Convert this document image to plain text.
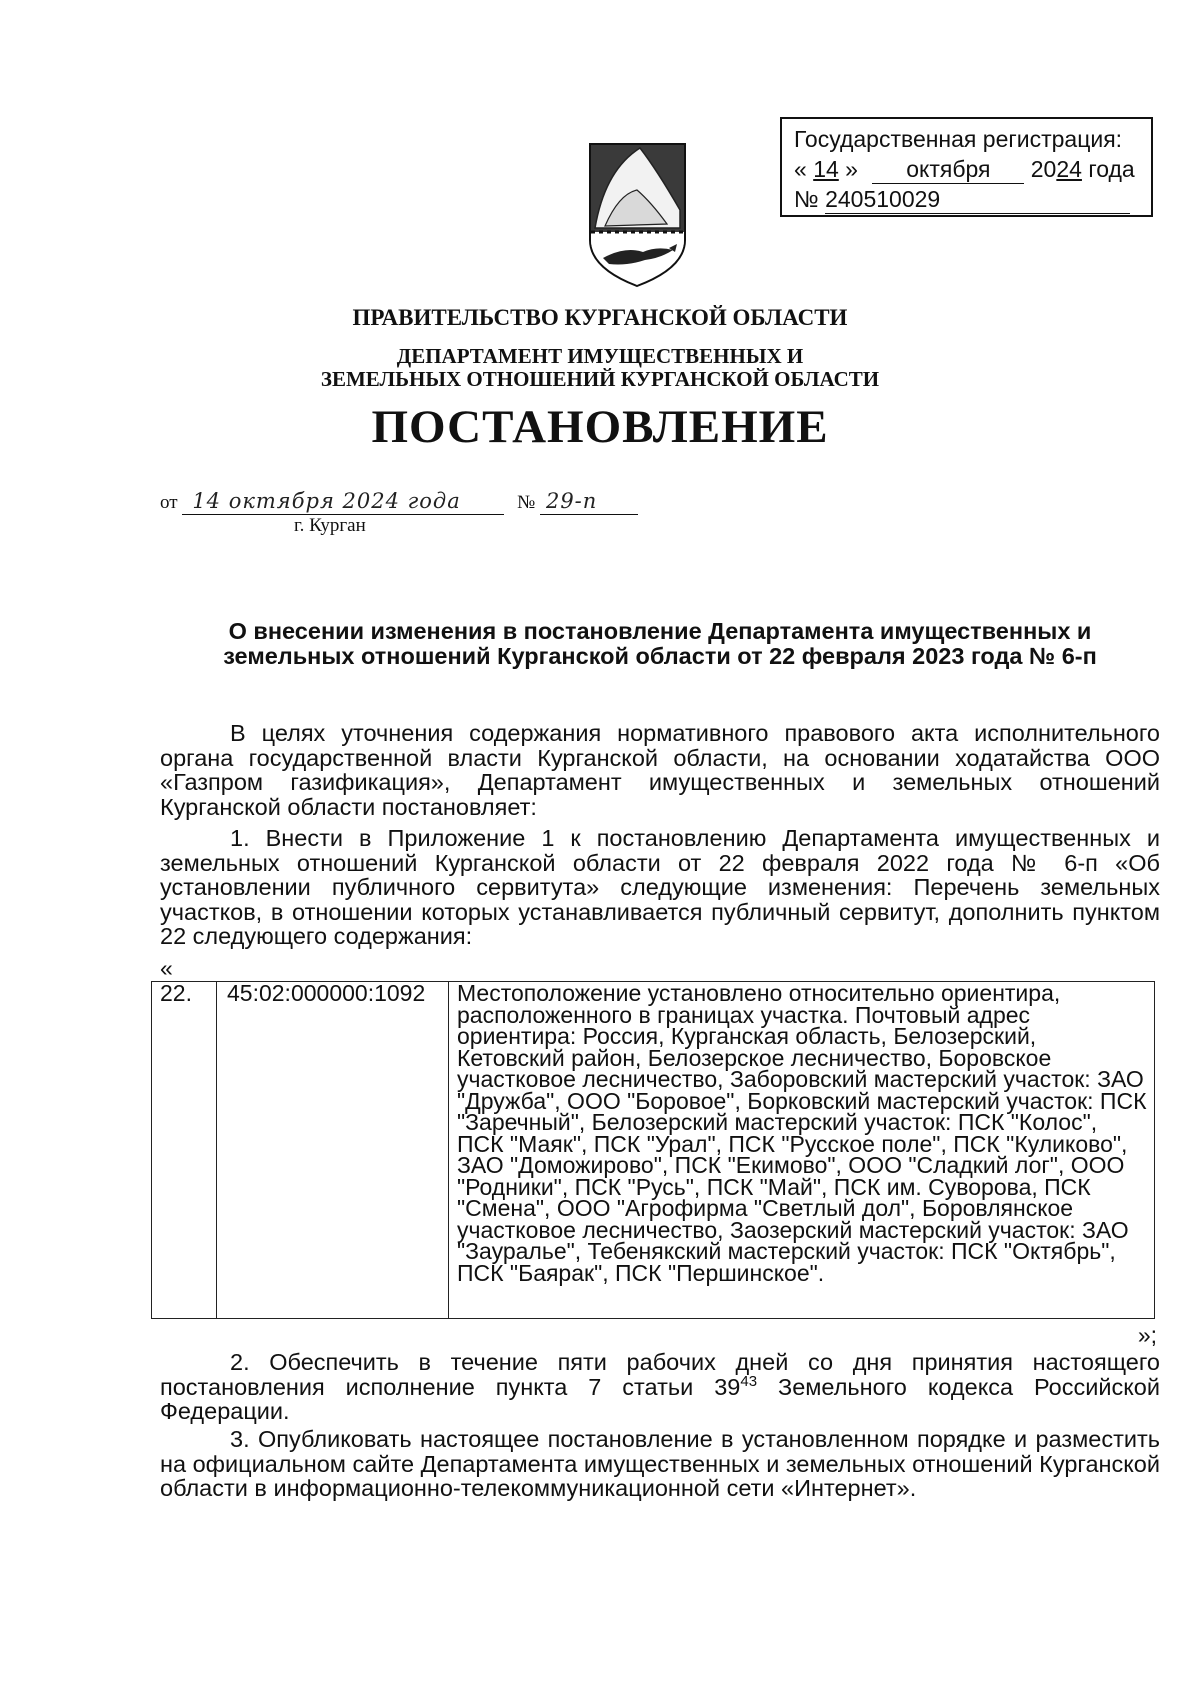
Государственная регистрация:
« 14 » октября 2024 года
№ 240510029
ПРАВИТЕЛЬСТВО КУРГАНСКОЙ ОБЛАСТИ
ДЕПАРТАМЕНТ ИМУЩЕСТВЕННЫХ И
ЗЕМЕЛЬНЫХ ОТНОШЕНИЙ КУРГАНСКОЙ ОБЛАСТИ
ПОСТАНОВЛЕНИЕ
от 14 октября 2024 года	№ 29-п
г. Курган
О внесении изменения в постановление Департамента имущественных и
земельных отношений Курганской области от 22 февраля 2023 года № 6-п
В целях уточнения содержания нормативного правового акта исполнительного органа государственной власти Курганской области, на основании ходатайства ООО «Газпром газификация», Департамент имущественных и земельных отношений Курганской области постановляет:
1. Внести в Приложение 1 к постановлению Департамента имущественных и земельных отношений Курганской области от 22 февраля 2022 года № 6-п «Об установлении публичного сервитута» следующие изменения: Перечень земельных участков, в отношении которых устанавливается публичный сервитут, дополнить пунктом 22 следующего содержания:
«
22.	45:02:000000:1092	Местоположение установлено относительно ориентира, расположенного в границах участка. Почтовый адрес ориентира: Россия, Курганская область, Белозерский, Кетовский район, Белозерское лесничество, Боровское участковое лесничество, Заборовский мастерский участок: ЗАО "Дружба", ООО "Боровое", Борковский мастерский участок: ПСК "Заречный", Белозерский мастерский участок: ПСК "Колос", ПСК "Маяк", ПСК "Урал", ПСК "Русское поле", ПСК "Куликово", ЗАО "Доможирово", ПСК "Екимово", ООО "Сладкий лог", ООО "Родники", ПСК "Русь", ПСК "Май", ПСК им. Суворова, ПСК "Смена", ООО "Агрофирма "Светлый дол", Боровлянское участковое лесничество, Заозерский мастерский участок: ЗАО "Зауралье", Тебенякский мастерский участок: ПСК "Октябрь", ПСК "Баярак", ПСК "Першинское".
»;
2. Обеспечить в течение пяти рабочих дней со дня принятия настоящего постановления исполнение пункта 7 статьи $39^{43}$ Земельного кодекса Российской Федерации.
3. Опубликовать настоящее постановление в установленном порядке и разместить на официальном сайте Департамента имущественных и земельных отношений Курганской области в информационно-телекоммуникационной сети «Интернет».
